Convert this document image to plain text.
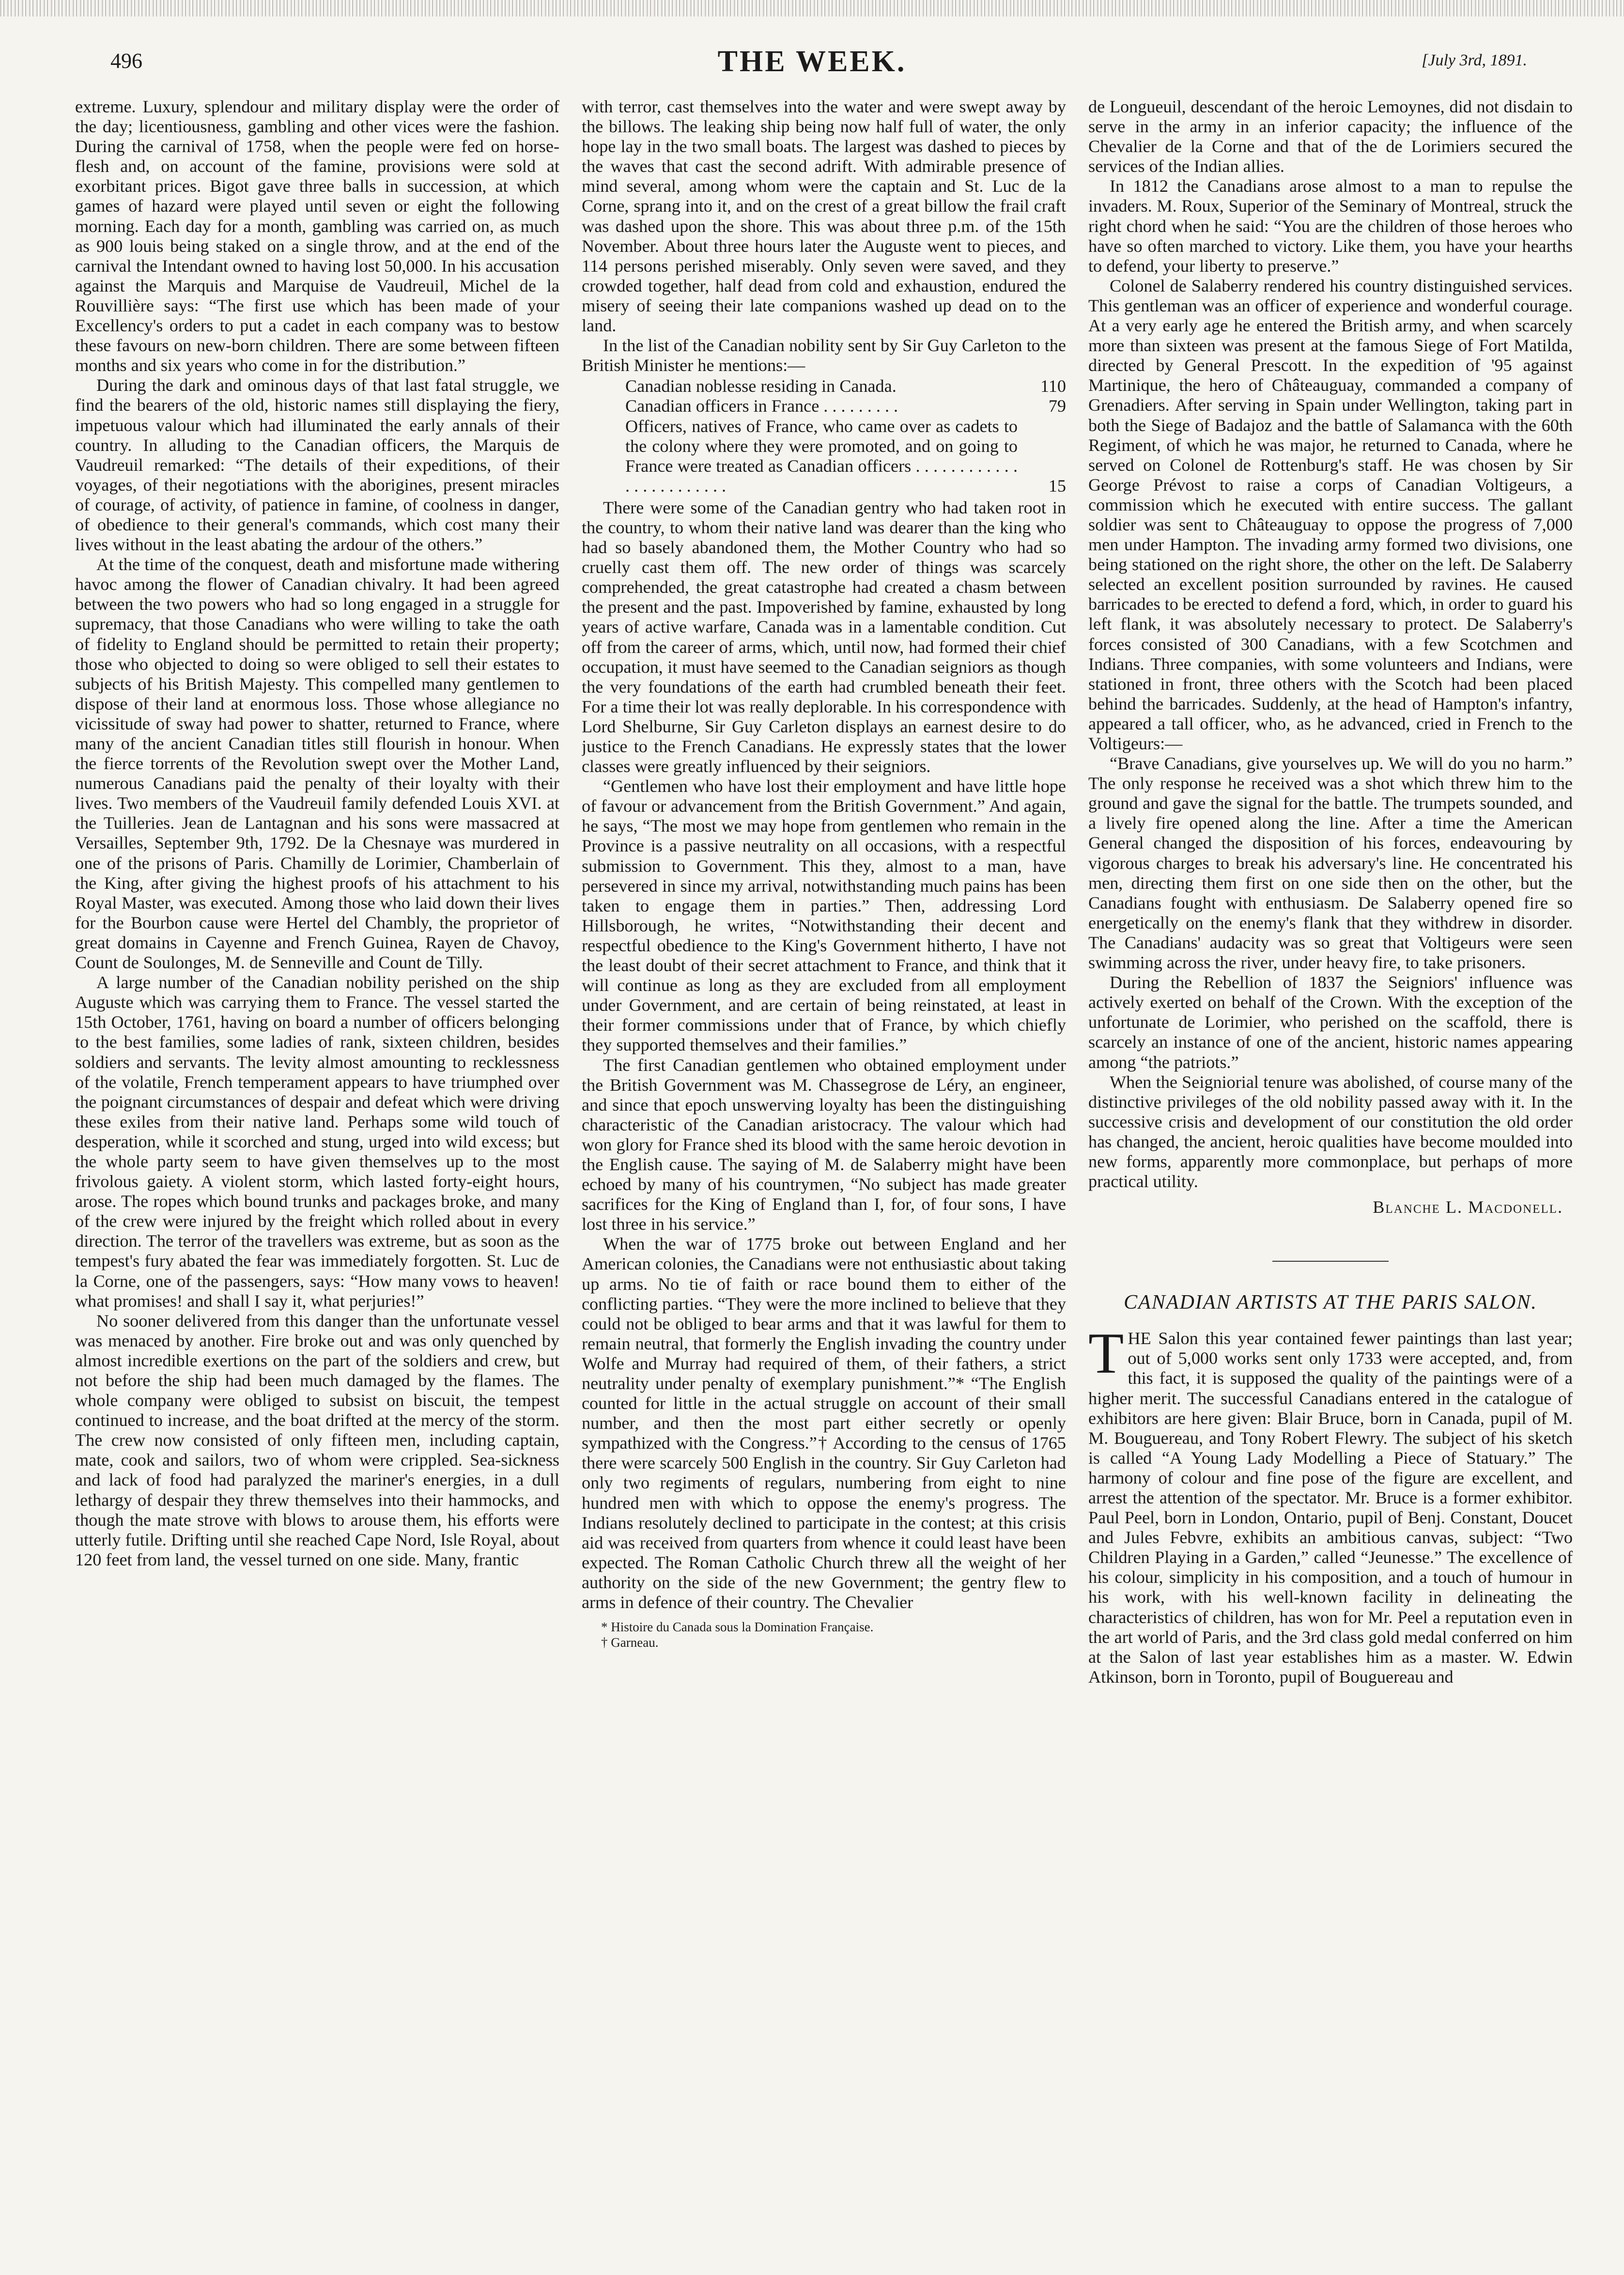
496	THE WEEK.	[July 3rd, 1891.

extreme. Luxury, splendour and military display were the order of the day; licentiousness, gambling and other vices were the fashion. During the carnival of 1758, when the people were fed on horse-flesh and, on account of the famine, provisions were sold at exorbitant prices. Bigot gave three balls in succession, at which games of hazard were played until seven or eight the following morning. Each day for a month, gambling was carried on, as much as 900 louis being staked on a single throw, and at the end of the carnival the Intendant owned to having lost 50,000. In his accusation against the Marquis and Marquise de Vaudreuil, Michel de la Rouvillière says: “The first use which has been made of your Excellency's orders to put a cadet in each company was to bestow these favours on new-born children. There are some between fifteen months and six years who come in for the distribution.”

During the dark and ominous days of that last fatal struggle, we find the bearers of the old, historic names still displaying the fiery, impetuous valour which had illuminated the early annals of their country. In alluding to the Canadian officers, the Marquis de Vaudreuil remarked: “The details of their expeditions, of their voyages, of their negotiations with the aborigines, present miracles of courage, of activity, of patience in famine, of coolness in danger, of obedience to their general's commands, which cost many their lives without in the least abating the ardour of the others.”

At the time of the conquest, death and misfortune made withering havoc among the flower of Canadian chivalry. It had been agreed between the two powers who had so long engaged in a struggle for supremacy, that those Canadians who were willing to take the oath of fidelity to England should be permitted to retain their property; those who objected to doing so were obliged to sell their estates to subjects of his British Majesty. This compelled many gentlemen to dispose of their land at enormous loss. Those whose allegiance no vicissitude of sway had power to shatter, returned to France, where many of the ancient Canadian titles still flourish in honour. When the fierce torrents of the Revolution swept over the Mother Land, numerous Canadians paid the penalty of their loyalty with their lives. Two members of the Vaudreuil family defended Louis XVI. at the Tuilleries. Jean de Lantagnan and his sons were massacred at Versailles, September 9th, 1792. De la Chesnaye was murdered in one of the prisons of Paris. Chamilly de Lorimier, Chamberlain of the King, after giving the highest proofs of his attachment to his Royal Master, was executed. Among those who laid down their lives for the Bourbon cause were Hertel del Chambly, the proprietor of great domains in Cayenne and French Guinea, Rayen de Chavoy, Count de Soulonges, M. de Senneville and Count de Tilly.

A large number of the Canadian nobility perished on the ship Auguste which was carrying them to France. The vessel started the 15th October, 1761, having on board a number of officers belonging to the best families, some ladies of rank, sixteen children, besides soldiers and servants. The levity almost amounting to recklessness of the volatile, French temperament appears to have triumphed over the poignant circumstances of despair and defeat which were driving these exiles from their native land. Perhaps some wild touch of desperation, while it scorched and stung, urged into wild excess; but the whole party seem to have given themselves up to the most frivolous gaiety. A violent storm, which lasted forty-eight hours, arose. The ropes which bound trunks and packages broke, and many of the crew were injured by the freight which rolled about in every direction. The terror of the travellers was extreme, but as soon as the tempest's fury abated the fear was immediately forgotten. St. Luc de la Corne, one of the passengers, says: “How many vows to heaven! what promises! and shall I say it, what perjuries!”

No sooner delivered from this danger than the unfortunate vessel was menaced by another. Fire broke out and was only quenched by almost incredible exertions on the part of the soldiers and crew, but not before the ship had been much damaged by the flames. The whole company were obliged to subsist on biscuit, the tempest continued to increase, and the boat drifted at the mercy of the storm. The crew now consisted of only fifteen men, including captain, mate, cook and sailors, two of whom were crippled. Sea-sickness and lack of food had paralyzed the mariner's energies, in a dull lethargy of despair they threw themselves into their hammocks, and though the mate strove with blows to arouse them, his efforts were utterly futile. Drifting until she reached Cape Nord, Isle Royal, about 120 feet from land, the vessel turned on one side. Many, frantic

with terror, cast themselves into the water and were swept away by the billows. The leaking ship being now half full of water, the only hope lay in the two small boats. The largest was dashed to pieces by the waves that cast the second adrift. With admirable presence of mind several, among whom were the captain and St. Luc de la Corne, sprang into it, and on the crest of a great billow the frail craft was dashed upon the shore. This was about three p.m. of the 15th November. About three hours later the Auguste went to pieces, and 114 persons perished miserably. Only seven were saved, and they crowded together, half dead from cold and exhaustion, endured the misery of seeing their late companions washed up dead on to the land.

In the list of the Canadian nobility sent by Sir Guy Carleton to the British Minister he mentions:—

Canadian noblesse residing in Canada.	110
Canadian officers in France . . . . . . . . .	79
Officers, natives of France, who came over as cadets to the colony where they were promoted, and on going to France were treated as Canadian officers . . . . . . . . . . . . . . . . . . . . . . . .	15

There were some of the Canadian gentry who had taken root in the country, to whom their native land was dearer than the king who had so basely abandoned them, the Mother Country who had so cruelly cast them off. The new order of things was scarcely comprehended, the great catastrophe had created a chasm between the present and the past. Impoverished by famine, exhausted by long years of active warfare, Canada was in a lamentable condition. Cut off from the career of arms, which, until now, had formed their chief occupation, it must have seemed to the Canadian seigniors as though the very foundations of the earth had crumbled beneath their feet. For a time their lot was really deplorable. In his correspondence with Lord Shelburne, Sir Guy Carleton displays an earnest desire to do justice to the French Canadians. He expressly states that the lower classes were greatly influenced by their seigniors.

“Gentlemen who have lost their employment and have little hope of favour or advancement from the British Government.” And again, he says, “The most we may hope from gentlemen who remain in the Province is a passive neutrality on all occasions, with a respectful submission to Government. This they, almost to a man, have persevered in since my arrival, notwithstanding much pains has been taken to engage them in parties.” Then, addressing Lord Hillsborough, he writes, “Notwithstanding their decent and respectful obedience to the King's Government hitherto, I have not the least doubt of their secret attachment to France, and think that it will continue as long as they are excluded from all employment under Government, and are certain of being reinstated, at least in their former commissions under that of France, by which chiefly they supported themselves and their families.”

The first Canadian gentlemen who obtained employment under the British Government was M. Chassegrose de Léry, an engineer, and since that epoch unswerving loyalty has been the distinguishing characteristic of the Canadian aristocracy. The valour which had won glory for France shed its blood with the same heroic devotion in the English cause. The saying of M. de Salaberry might have been echoed by many of his countrymen, “No subject has made greater sacrifices for the King of England than I, for, of four sons, I have lost three in his service.”

When the war of 1775 broke out between England and her American colonies, the Canadians were not enthusiastic about taking up arms. No tie of faith or race bound them to either of the conflicting parties. “They were the more inclined to believe that they could not be obliged to bear arms and that it was lawful for them to remain neutral, that formerly the English invading the country under Wolfe and Murray had required of them, of their fathers, a strict neutrality under penalty of exemplary punishment.”* “The English counted for little in the actual struggle on account of their small number, and then the most part either secretly or openly sympathized with the Congress.”† According to the census of 1765 there were scarcely 500 English in the country. Sir Guy Carleton had only two regiments of regulars, numbering from eight to nine hundred men with which to oppose the enemy's progress. The Indians resolutely declined to participate in the contest; at this crisis aid was received from quarters from whence it could least have been expected. The Roman Catholic Church threw all the weight of her authority on the side of the new Government; the gentry flew to arms in defence of their country. The Chevalier

* Histoire du Canada sous la Domination Française.
† Garneau.

de Longueuil, descendant of the heroic Lemoynes, did not disdain to serve in the army in an inferior capacity; the influence of the Chevalier de la Corne and that of the de Lorimiers secured the services of the Indian allies.

In 1812 the Canadians arose almost to a man to repulse the invaders. M. Roux, Superior of the Seminary of Montreal, struck the right chord when he said: “You are the children of those heroes who have so often marched to victory. Like them, you have your hearths to defend, your liberty to preserve.”

Colonel de Salaberry rendered his country distinguished services. This gentleman was an officer of experience and wonderful courage. At a very early age he entered the British army, and when scarcely more than sixteen was present at the famous Siege of Fort Matilda, directed by General Prescott. In the expedition of '95 against Martinique, the hero of Châteauguay, commanded a company of Grenadiers. After serving in Spain under Wellington, taking part in both the Siege of Badajoz and the battle of Salamanca with the 60th Regiment, of which he was major, he returned to Canada, where he served on Colonel de Rottenburg's staff. He was chosen by Sir George Prévost to raise a corps of Canadian Voltigeurs, a commission which he executed with entire success. The gallant soldier was sent to Châteauguay to oppose the progress of 7,000 men under Hampton. The invading army formed two divisions, one being stationed on the right shore, the other on the left. De Salaberry selected an excellent position surrounded by ravines. He caused barricades to be erected to defend a ford, which, in order to guard his left flank, it was absolutely necessary to protect. De Salaberry's forces consisted of 300 Canadians, with a few Scotchmen and Indians. Three companies, with some volunteers and Indians, were stationed in front, three others with the Scotch had been placed behind the barricades. Suddenly, at the head of Hampton's infantry, appeared a tall officer, who, as he advanced, cried in French to the Voltigeurs:—

“Brave Canadians, give yourselves up. We will do you no harm.” The only response he received was a shot which threw him to the ground and gave the signal for the battle. The trumpets sounded, and a lively fire opened along the line. After a time the American General changed the disposition of his forces, endeavouring by vigorous charges to break his adversary's line. He concentrated his men, directing them first on one side then on the other, but the Canadians fought with enthusiasm. De Salaberry opened fire so energetically on the enemy's flank that they withdrew in disorder. The Canadians' audacity was so great that Voltigeurs were seen swimming across the river, under heavy fire, to take prisoners.

During the Rebellion of 1837 the Seigniors' influence was actively exerted on behalf of the Crown. With the exception of the unfortunate de Lorimier, who perished on the scaffold, there is scarcely an instance of one of the ancient, historic names appearing among “the patriots.”

When the Seigniorial tenure was abolished, of course many of the distinctive privileges of the old nobility passed away with it. In the successive crisis and development of our constitution the old order has changed, the ancient, heroic qualities have become moulded into new forms, apparently more commonplace, but perhaps of more practical utility.

Blanche L. Macdonell.
CANADIAN ARTISTS AT THE PARIS SALON.

T HE Salon this year contained fewer paintings than last year; out of 5,000 works sent only 1733 were accepted, and, from this fact, it is supposed the quality of the paintings were of a higher merit. The successful Canadians entered in the catalogue of exhibitors are here given: Blair Bruce, born in Canada, pupil of M. M. Bouguereau, and Tony Robert Flewry. The subject of his sketch is called “A Young Lady Modelling a Piece of Statuary.” The harmony of colour and fine pose of the figure are excellent, and arrest the attention of the spectator. Mr. Bruce is a former exhibitor. Paul Peel, born in London, Ontario, pupil of Benj. Constant, Doucet and Jules Febvre, exhibits an ambitious canvas, subject: “Two Children Playing in a Garden,” called “Jeunesse.” The excellence of his colour, simplicity in his composition, and a touch of humour in his work, with his well-known facility in delineating the characteristics of children, has won for Mr. Peel a reputation even in the art world of Paris, and the 3rd class gold medal conferred on him at the Salon of last year establishes him as a master. W. Edwin Atkinson, born in Toronto, pupil of Bouguereau and
